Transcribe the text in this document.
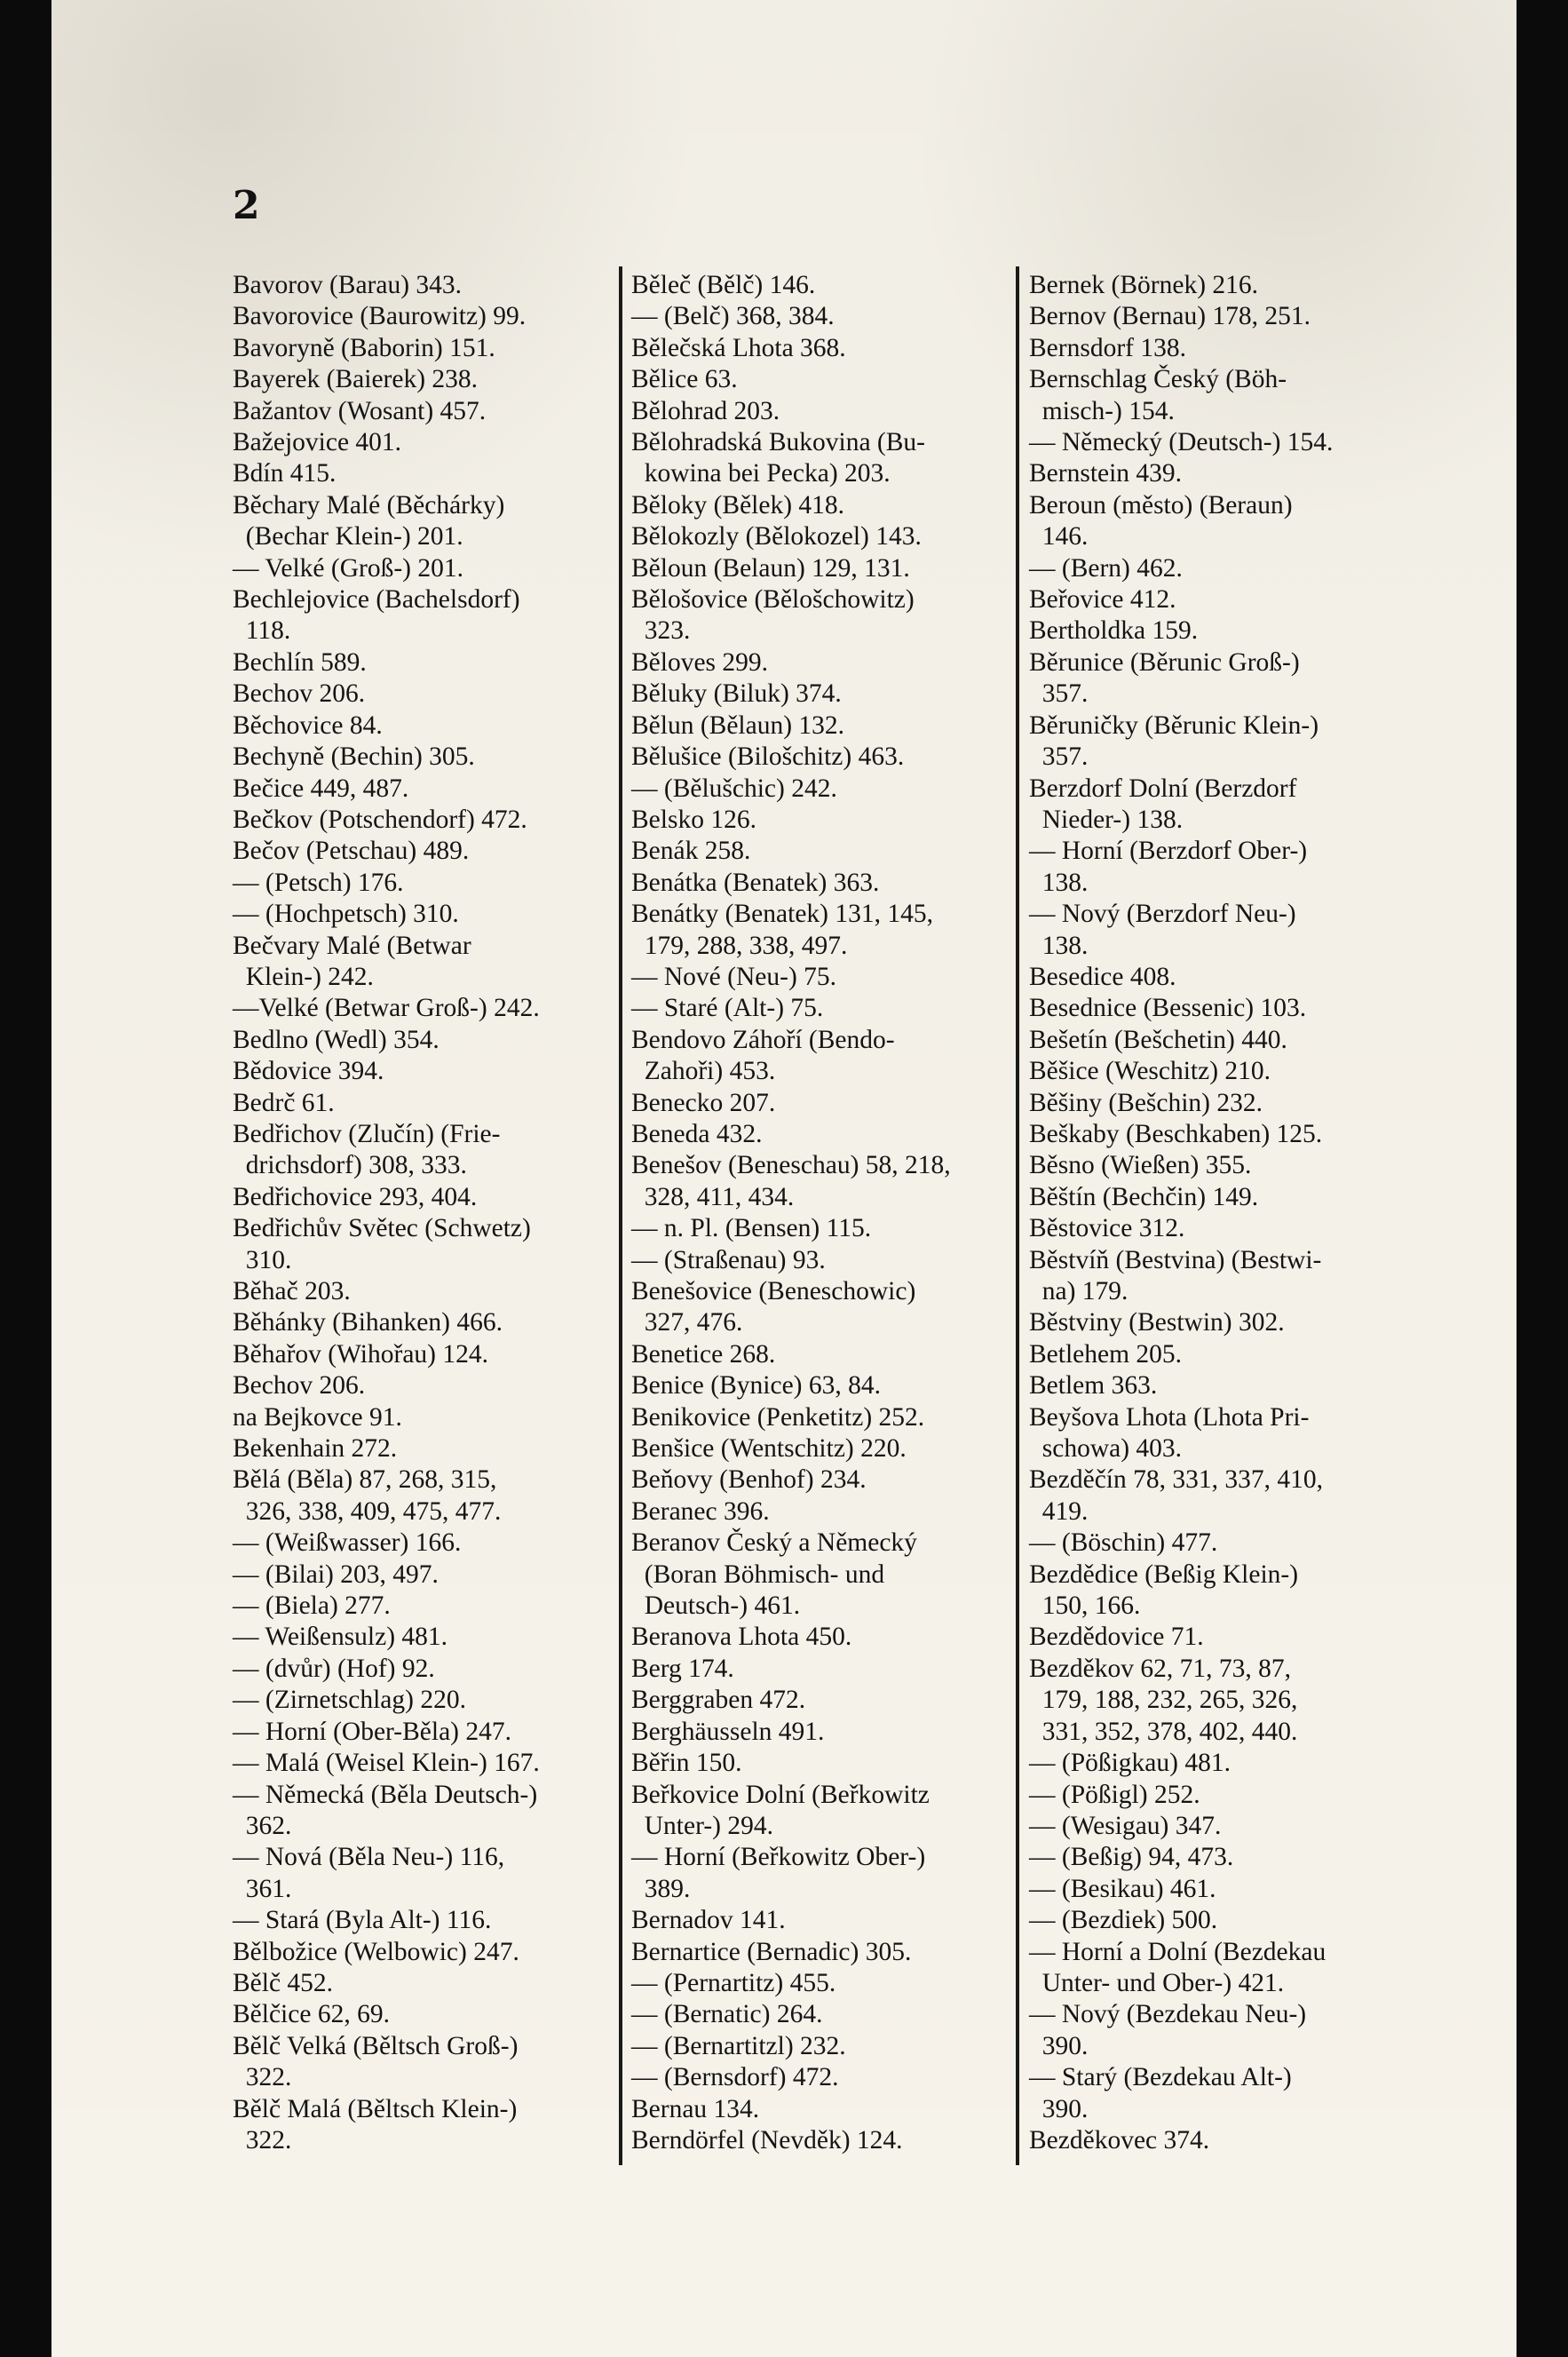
2
Bavorov (Barau) 343.
Bavorovice (Baurowitz) 99.
Bavoryně (Baborin) 151.
Bayerek (Baierek) 238.
Bažantov (Wosant) 457.
Bažejovice 401.
Bdín 415.
Běchary Malé (Běchárky)
(Bechar Klein-) 201.
— Velké (Groß-) 201.
Bechlejovice (Bachelsdorf)
118.
Bechlín 589.
Bechov 206.
Běchovice 84.
Bechyně (Bechin) 305.
Bečice 449, 487.
Bečkov (Potschendorf) 472.
Bečov (Petschau) 489.
— (Petsch) 176.
— (Hochpetsch) 310.
Bečvary Malé (Betwar
Klein-) 242.
—Velké (Betwar Groß-) 242.
Bedlno (Wedl) 354.
Bědovice 394.
Bedrč 61.
Bedřichov (Zlučín) (Frie-
drichsdorf) 308, 333.
Bedřichovice 293, 404.
Bedřichův Světec (Schwetz)
310.
Běhač 203.
Běhánky (Bihanken) 466.
Běhařov (Wihořau) 124.
Bechov 206.
na Bejkovce 91.
Bekenhain 272.
Bělá (Běla) 87, 268, 315,
326, 338, 409, 475, 477.
— (Weißwasser) 166.
— (Bilai) 203, 497.
— (Biela) 277.
— Weißensulz) 481.
— (dvůr) (Hof) 92.
— (Zirnetschlag) 220.
— Horní (Ober-Běla) 247.
— Malá (Weisel Klein-) 167.
— Německá (Běla Deutsch-)
362.
— Nová (Běla Neu-) 116,
361.
— Stará (Byla Alt-) 116.
Bělbožice (Welbowic) 247.
Bělč 452.
Bělčice 62, 69.
Bělč Velká (Běltsch Groß-)
322.
Bělč Malá (Běltsch Klein-)
322.
Běleč (Bělč) 146.
— (Belč) 368, 384.
Bělečská Lhota 368.
Bělice 63.
Bělohrad 203.
Bělohradská Bukovina (Bu-
kowina bei Pecka) 203.
Běloky (Bělek) 418.
Bělokozly (Bělokozel) 143.
Běloun (Belaun) 129, 131.
Bělošovice (Bělošchowitz)
323.
Běloves 299.
Běluky (Biluk) 374.
Bělun (Bělaun) 132.
Bělušice (Bilošchitz) 463.
— (Bělušchic) 242.
Belsko 126.
Benák 258.
Benátka (Benatek) 363.
Benátky (Benatek) 131, 145,
179, 288, 338, 497.
— Nové (Neu-) 75.
— Staré (Alt-) 75.
Bendovo Záhoří (Bendo-
Zahoři) 453.
Benecko 207.
Beneda 432.
Benešov (Beneschau) 58, 218,
328, 411, 434.
— n. Pl. (Bensen) 115.
— (Straßenau) 93.
Benešovice (Beneschowic)
327, 476.
Benetice 268.
Benice (Bynice) 63, 84.
Benikovice (Penketitz) 252.
Benšice (Wentschitz) 220.
Beňovy (Benhof) 234.
Beranec 396.
Beranov Český a Německý
(Boran Böhmisch- und
Deutsch-) 461.
Beranova Lhota 450.
Berg 174.
Berggraben 472.
Berghäusseln 491.
Běřin 150.
Beřkovice Dolní (Beřkowitz
Unter-) 294.
— Horní (Beřkowitz Ober-)
389.
Bernadov 141.
Bernartice (Bernadic) 305.
— (Pernartitz) 455.
— (Bernatic) 264.
— (Bernartitzl) 232.
— (Bernsdorf) 472.
Bernau 134.
Berndörfel (Nevděk) 124.
Bernek (Börnek) 216.
Bernov (Bernau) 178, 251.
Bernsdorf 138.
Bernschlag Český (Böh-
misch-) 154.
— Německý (Deutsch-) 154.
Bernstein 439.
Beroun (město) (Beraun)
146.
— (Bern) 462.
Beřovice 412.
Bertholdka 159.
Běrunice (Běrunic Groß-)
357.
Běruničky (Běrunic Klein-)
357.
Berzdorf Dolní (Berzdorf
Nieder-) 138.
— Horní (Berzdorf Ober-)
138.
— Nový (Berzdorf Neu-)
138.
Besedice 408.
Besednice (Bessenic) 103.
Bešetín (Bešchetin) 440.
Běšice (Weschitz) 210.
Běšiny (Bešchin) 232.
Beškaby (Beschkaben) 125.
Běsno (Wießen) 355.
Běštín (Bechčin) 149.
Běstovice 312.
Běstvíň (Bestvina) (Bestwi-
na) 179.
Běstviny (Bestwin) 302.
Betlehem 205.
Betlem 363.
Beyšova Lhota (Lhota Pri-
schowa) 403.
Bezděčín 78, 331, 337, 410,
419.
— (Böschin) 477.
Bezdědice (Beßig Klein-)
150, 166.
Bezdědovice 71.
Bezděkov 62, 71, 73, 87,
179, 188, 232, 265, 326,
331, 352, 378, 402, 440.
— (Pößigkau) 481.
— (Pößigl) 252.
— (Wesigau) 347.
— (Beßig) 94, 473.
— (Besikau) 461.
— (Bezdiek) 500.
— Horní a Dolní (Bezdekau
Unter- und Ober-) 421.
— Nový (Bezdekau Neu-)
390.
— Starý (Bezdekau Alt-)
390.
Bezděkovec 374.
